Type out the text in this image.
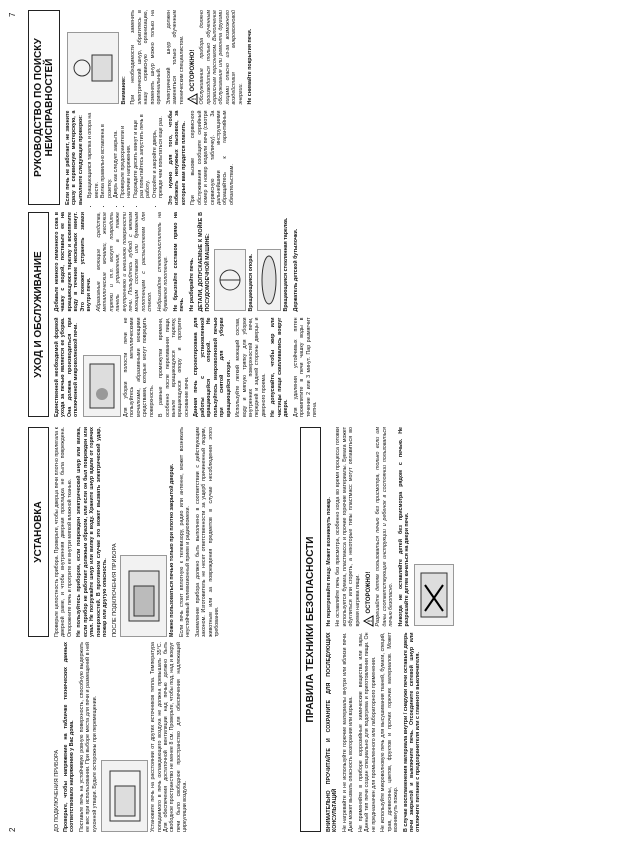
2
7

ДО ПОДКЛЮЧЕНИЯ ПРИБОРА Проверьте, чтобы напряжение на табличке технических данных соответствовало напряжению у Вас дома. Поставьте печь на устойчивую ровную поверхность, способную выдержать ее вес при использовании. При выборе места для печи и размещений в ней кухонной утвари. Будьте осторожны при перемещении.	Установите печь на расстоянии от других источников тепла. Температура попадаемого в печь охлаждающего воздуха не должна превышать 35°С. Для обеспечения достаточной вентиляции над печью должно быть свободное пространство не менее 8 см. Проверьте, чтобы под, над и вокруг печи было свободное пространство для обеспечения надлежащей циркуляции воздуха.

УСТАНОВКА	Проверьте целостность прибора. Проверьте, чтобы дверца печи плотно прилегала к дверной раме, и чтобы внутренняя дверная прокладка не была повреждена. Опорожните печь и протрите ее внутри мягкой влажной тканью. Не пользуйтесь прибором, если поврежден электрический шнур или вилка, если прибор не работает должным образом, или если он был поврежден или упал. Не погружайте шнур или вилку в воду. Храните шнур вдали от горячих поверхностей. В противном случае это может вызвать электрический удар, пожар или другую опасность. ПОСЛЕ ПОДКЛЮЧЕНИЯ ПРИБОРА	Можно пользоваться печью только при плотно закрытой дверце. Если печь стоит вплотную к телевизору, радио или антенне, может возникать неустойчивый телевизионный прием и радиопомехи. Заземление прибора должно быть выполнено в соответствии с действующим законом. Изготовитель не несет ответственности за ущерб причиненный людям, животным или за повреждения предметов в случае несоблюдения этого требования.	ПРАВИЛА ТЕХНИКИ БЕЗОПАСНОСТИ

ВНИМАТЕЛЬНО ПРОЧИТАЙТЕ И СОХРАНИТЕ ДЛЯ ПОСЛЕДУЮЩИХ КОНСУЛЬТАЦИЙ Не нагревайте и не используйте горючие материалы внутри или вблизи печи. Дым может вызвать опасность возгорания или взрыва. Не применяйте в приборе коррозийные химические вещества или пары. Данный тип печи создан специально для подогрева и приготовления пищи. Он не предназначен для промышленного или лабораторного применения. Не используйте микроволновую печь для высушивания тканей, бумаги, специй, трав, древесины, цветов, фруктов и прочих горючих материалов. Может возникнуть пожар. В случае воспламенения материала внутри / снаружи печи оставьте дверь печи закрытой и выключите печь. Отсоедините сетевой шнур или отключите питание с предохранителя или с главного выключателя.

Не перегревайте пищу. Может возникнуть пожар. Не оставляйте печь без присмотра, особенно когда во время процесса готовки используется бумага, пластмасса и прочие горючие материалы. Бумага может обуглиться или сгореть, а некоторые типы пластмасс могут оплавиться во время нагрева пищи. !
ОСТОРОЖНО! Разрешайте детям пользоваться печью без присмотра, только если им даны соответствующие инструкции и ребенок в состоянии пользоваться печью безопасно. Никогда не оставляйте детей без присмотра рядом с печью. Не разрешайте детям качаться на двери печи.

УХОД И ОБСЛУЖИВАНИЕ	Единственной необходимой формой ухода за печью является ее уборка. Она должна производиться при отключенной микроволновой печи.	Для уборки полости печи не пользуйтесь металлическими мочалками, абразивными моющими средствами, которые могут повредить поверхность. В равные промежутки времени, особенно после переливания пищи, выньте вращающуюся тарелку, вращающуюся опору и протрите основание печи. Данная печь спроектирована для работы с установленной вращающейся опорой. Не пользуйтесь микроволновой печью при снятой для уборки вращающейся опоре. Используйте легкий моющий состав, воду и мягкую тряпку для уборки внутренних поверхностей печи, передней и задней стороны дверцы и дверного проема. Не допускайте, чтобы жир или частицы пищи скапливались вокруг двери. Для удаления устойчивых пятен прокипятите в печи чашку воды в течение 2 или 3 минут. Пар размягчит пятна.

Добавьте немного лимонного сока в чашку с водой, поставьте ее на вращающуюся тарелку и вскипятите воду в течение нескольких минут. Это поможет устранить запахи внутри печи. Абразивные моющие средства, металлические мочалки, жесткие тряпки и т.п. могут повредить панель управления, а также внутреннюю и внешнюю поверхности печи. Пользуйтесь губкой с мягким моющим составом или бумажным полотенцем с распылителем для стекол. Небрызгайте стеклоочиститель на бумажное полотенце. Не брызгайте составом прямо на печь. Не разбирайте печь. ДЕТАЛИ, ДОПУСКАЕМЫЕ К МОЙКЕ В ПОСУДОМОЕЧНОЙ МАШИНЕ:	Вращающаяся опора.	Вращающаяся стеклянная тарелка. Держатель детской бутылочки.

РУКОВОДСТВО ПО ПОИСКУ НЕИСПРАВНОСТЕЙ

Если печь не работает, не звоните сразу в сервисную мастерскую, а выполните следующие проверки: • Вращающаяся тарелка и опора на месте. • Вилка правильно вставлена в розетку. • Дверь как следует закрыта. • Проверьте предохранители и наличие напряжения. • Подождите десять минут и еще раз попытайтесь запустить печь в работу. • Откройте и закройте дверь, прежде чем попытаться еще раз. Это нужно для того, чтобы избежать ненужных вызовов, за которые вам придется платить. При вызове сервисного обслуживания сообщите серийный номер и номер модели печи (смотри сервисную табличку). За дальнейшими инструкциями обращайтесь к гарантийным обязательствам.

Внимание: При необходимости заменить электрический шнур, обратитесь в нашу сервисную организацию, поменять шнур можно только на оригинальный. Электрический шнур должен заменяться только обученным техническим специалистом. !
ОСТОРОЖНО! Обслуживание прибора должно производиться только обученным сервисным персоналом. Выполнение обслуживания или ремонта другими лицами опасно из-за возможного воздействия микроволновой энергии. Не снимайте покрытия печи.
